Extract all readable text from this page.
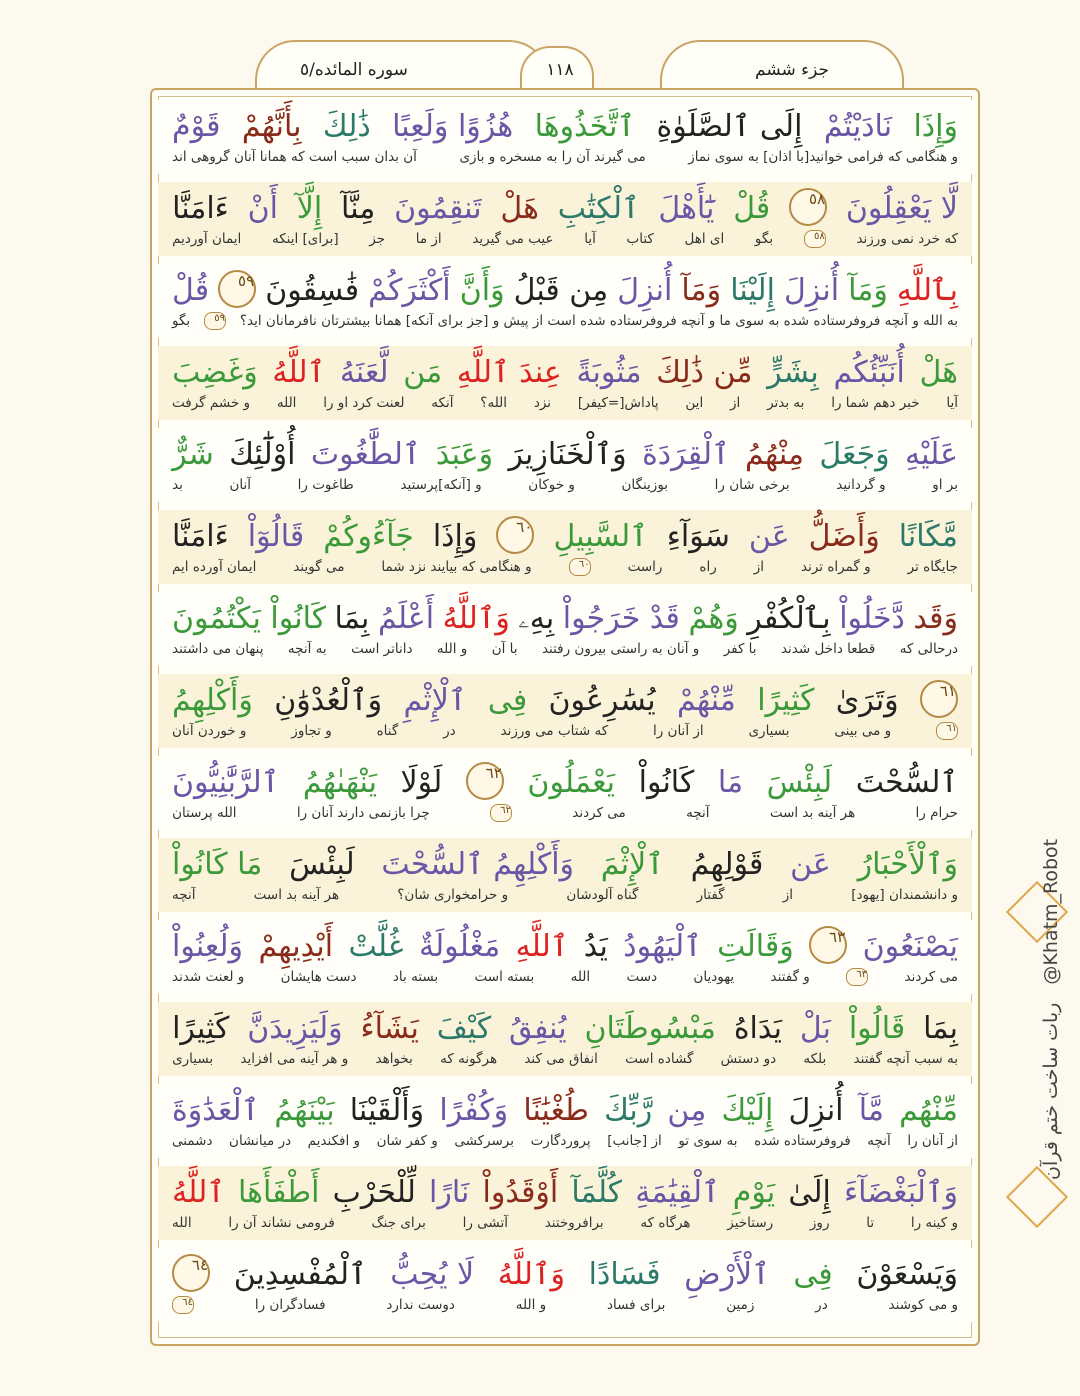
سوره المائده/٥	١١٨	جزء ششم
وَإِذَا
نَادَيْتُمْ
إِلَى ٱلصَّلَوٰةِ
ٱتَّخَذُوهَا
هُزُوًا وَلَعِبًا
ذَٰلِكَ
بِأَنَّهُمْ
قَوْمٌ
و هنگامی که فرامی خوانید[با اذان] به سوی نماز
می گیرند آن را به مسخره و بازی
آن بدان سبب است که همانا آنان گروهی اند
لَّا يَعْقِلُونَ
٥٨
قُلْ
يَٰٓأَهْلَ
ٱلْكِتَٰبِ
هَلْ
تَنقِمُونَ
مِنَّآ
إِلَّآ
أَنْ
ءَامَنَّا
که خرد نمی ورزند
٥٨
بگو
ای اهل
کتاب
آیا
عیب می گیرید
از ما
جز
[برای] اینکه
ایمان آوردیم
بِٱللَّهِ
وَمَآ
أُنزِلَ
إِلَيْنَا
وَمَآ
أُنزِلَ
مِن قَبْلُ
وَأَنَّ
أَكْثَرَكُمْ
فَٰسِقُونَ
٥٩
قُلْ
به الله و آنچه فروفرستاده شده به سوی ما و آنچه فروفرستاده شده است از پیش و [جز برای آنکه] همانا بیشترتان نافرمانان اید؟
٥٩
بگو
هَلْ
أُنَبِّئُكُم
بِشَرٍّ
مِّن ذَٰلِكَ
مَثُوبَةً
عِندَ ٱللَّهِ
مَن
لَّعَنَهُ
ٱللَّهُ
وَغَضِبَ
آیا
خبر دهم شما را
به بدتر
از
این
پاداش[=کیفر]
نزد
الله؟
آنکه
لعنت کرد او را
الله
و خشم گرفت
عَلَيْهِ
وَجَعَلَ
مِنْهُمُ
ٱلْقِرَدَةَ
وَٱلْخَنَازِيرَ
وَعَبَدَ
ٱلطَّٰغُوتَ
أُوْلَٰٓئِكَ
شَرٌّ
بر او
و گردانید
برخی شان را
بوزینگان
و خوکان
و [آنکه]پرستید
طاغوت را
آنان
بد
مَّكَانًا
وَأَضَلُّ
عَن
سَوَآءِ
ٱلسَّبِيلِ
٦٠
وَإِذَا
جَآءُوكُمْ
قَالُوٓاْ
ءَامَنَّا
جایگاه تر
و گمراه ترند
از
راه
راست
٦٠
و هنگامی که بیایند نزد شما
می گویند
ایمان آورده ایم
وَقَد
دَّخَلُواْ
بِٱلْكُفْرِ
وَهُمْ
قَدْ خَرَجُواْ
بِهِۦ
وَٱللَّهُ
أَعْلَمُ
بِمَا
كَانُواْ يَكْتُمُونَ
درحالی که
قطعا داخل شدند
با کفر
و آنان به راستی بیرون رفتند
با آن
و الله
داناتر است
به آنچه
پنهان می داشتند
٦١
وَتَرَىٰ
كَثِيرًا
مِّنْهُمْ
يُسَٰرِعُونَ
فِى
ٱلْإِثْمِ
وَٱلْعُدْوَٰنِ
وَأَكْلِهِمُ
٦١
و می بینی
بسیاری
از آنان را
که شتاب می ورزند
در
گناه
و تجاوز
و خوردن آنان
ٱلسُّحْتَ
لَبِئْسَ
مَا
كَانُواْ
يَعْمَلُونَ
٦٢
لَوْلَا
يَنْهَىٰهُمُ
ٱلرَّبَّٰنِيُّونَ
حرام را
هر آینه بد است
آنچه
می کردند
٦٢
چرا بازنمی دارند آنان را
الله پرستان
وَٱلْأَحْبَارُ
عَن
قَوْلِهِمُ
ٱلْإِثْمَ
وَأَكْلِهِمُ ٱلسُّحْتَ
لَبِئْسَ
مَا كَانُواْ
و دانشمندان [یهود]
از
گفتار
گناه آلودشان
و حرامخواری شان؟
هر آینه بد است
آنچه
يَصْنَعُونَ
٦٣
وَقَالَتِ
ٱلْيَهُودُ
يَدُ
ٱللَّهِ
مَغْلُولَةٌ
غُلَّتْ
أَيْدِيهِمْ
وَلُعِنُواْ
می کردند
٦٣
و گفتند
یهودیان
دست
الله
بسته است
بسته باد
دست هایشان
و لعنت شدند
بِمَا
قَالُواْ
بَلْ
يَدَاهُ
مَبْسُوطَتَانِ
يُنفِقُ
كَيْفَ
يَشَآءُ
وَلَيَزِيدَنَّ
كَثِيرًا
به سبب آنچه گفتند
بلکه
دو دستش
گشاده است
انفاق می کند
هرگونه که
بخواهد
و هر آینه می افزاید
بسیاری
مِّنْهُم
مَّآ
أُنزِلَ
إِلَيْكَ
مِن
رَّبِّكَ
طُغْيَٰنًا
وَكُفْرًا
وَأَلْقَيْنَا
بَيْنَهُمُ
ٱلْعَدَٰوَةَ
از آنان را
آنچه
فروفرستاده شده
به سوی تو
از [جانب]
پروردگارت
برسرکشی
و کفر شان
و افکندیم
در میانشان
دشمنی
وَٱلْبَغْضَآءَ
إِلَىٰ
يَوْمِ
ٱلْقِيَٰمَةِ
كُلَّمَآ
أَوْقَدُواْ
نَارًا
لِّلْحَرْبِ
أَطْفَأَهَا
ٱللَّهُ
و کینه را
تا
روز
رستاخیز
هرگاه که
برافروختند
آتشی را
برای جنگ
فرومی نشاند آن را
الله
وَيَسْعَوْنَ
فِى
ٱلْأَرْضِ
فَسَادًا
وَٱللَّهُ
لَا يُحِبُّ
ٱلْمُفْسِدِينَ
٦٤
و می کوشند
در
زمین
برای فساد
و الله
دوست ندارد
فسادگران را
٦٤
ربات ساخت ختم قرآن   @Khatm_Robot
